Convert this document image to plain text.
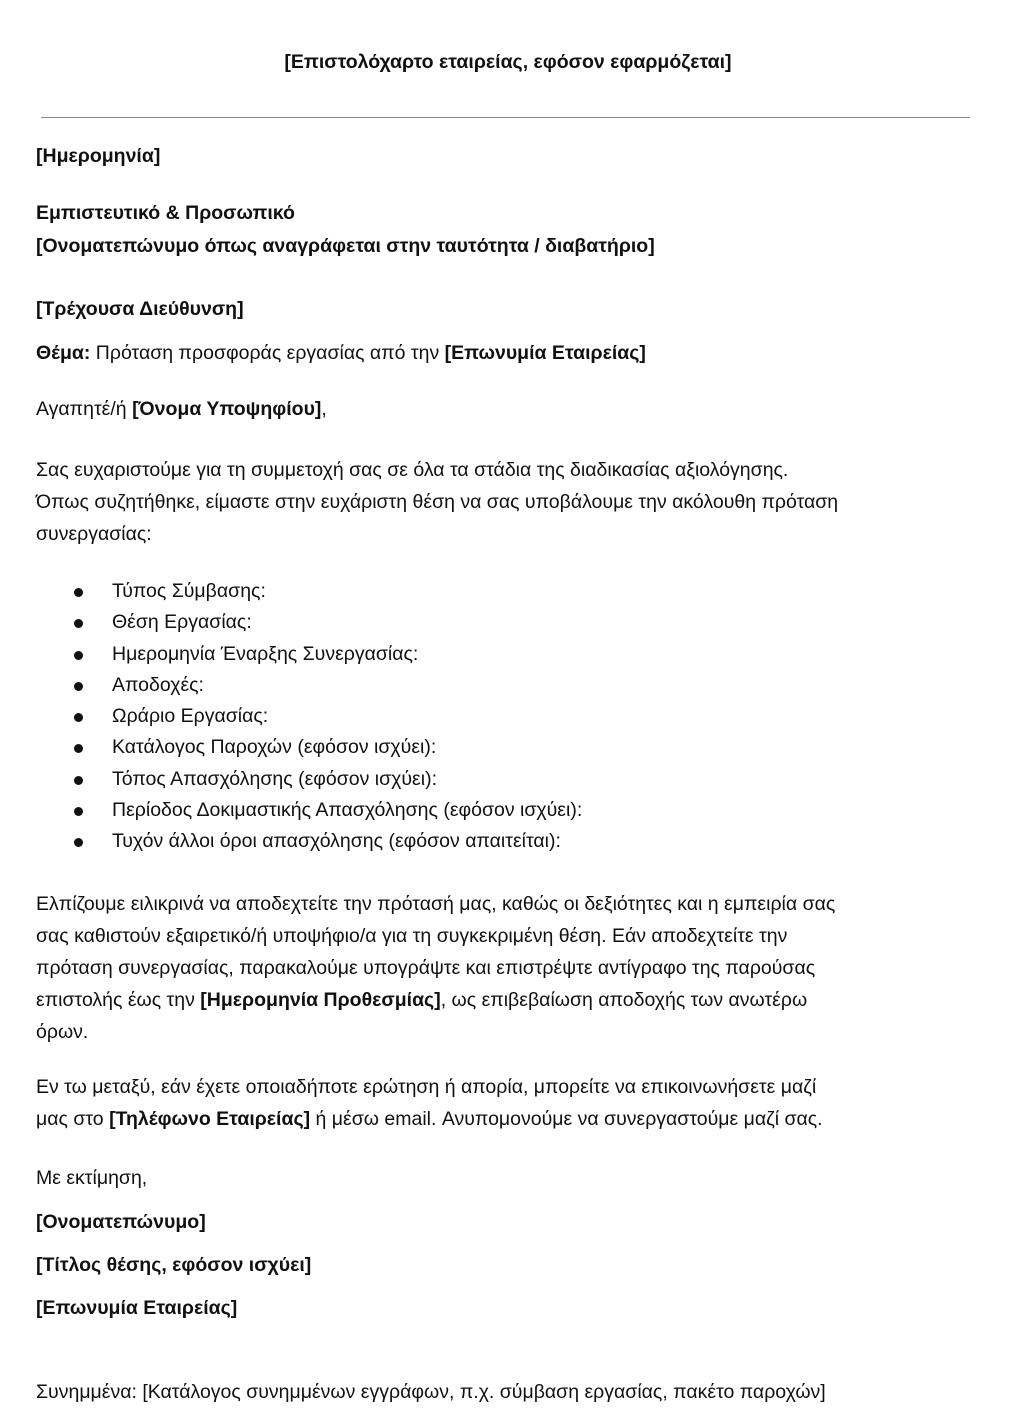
[Επιστολόχαρτο εταιρείας, εφόσον εφαρμόζεται]

[Ημερομηνία]

Εμπιστευτικό & Προσωπικό

[Ονοματεπώνυμο όπως αναγράφεται στην ταυτότητα / διαβατήριο]

[Τρέχουσα Διεύθυνση]

Θέμα: Πρόταση προσφοράς εργασίας από την [Επωνυμία Εταιρείας]

Αγαπητέ/ή [Όνομα Υποψηφίου],

Σας ευχαριστούμε για τη συμμετοχή σας σε όλα τα στάδια της διαδικασίας αξιολόγησης.
Όπως συζητήθηκε, είμαστε στην ευχάριστη θέση να σας υποβάλουμε την ακόλουθη πρόταση
συνεργασίας:
Τύπος Σύμβασης:
Θέση Εργασίας:
Ημερομηνία Έναρξης Συνεργασίας:
Αποδοχές:
Ωράριο Εργασίας:
Κατάλογος Παροχών (εφόσον ισχύει):
Τόπος Απασχόλησης (εφόσον ισχύει):
Περίοδος Δοκιμαστικής Απασχόλησης (εφόσον ισχύει):
Τυχόν άλλοι όροι απασχόλησης (εφόσον απαιτείται):
Ελπίζουμε ειλικρινά να αποδεχτείτε την πρότασή μας, καθώς οι δεξιότητες και η εμπειρία σας
σας καθιστούν εξαιρετικό/ή υποψήφιο/α για τη συγκεκριμένη θέση. Εάν αποδεχτείτε την
πρόταση συνεργασίας, παρακαλούμε υπογράψτε και επιστρέψτε αντίγραφο της παρούσας
επιστολής έως την [Ημερομηνία Προθεσμίας], ως επιβεβαίωση αποδοχής των ανωτέρω
όρων.
Εν τω μεταξύ, εάν έχετε οποιαδήποτε ερώτηση ή απορία, μπορείτε να επικοινωνήσετε μαζί
μας στο [Τηλέφωνο Εταιρείας] ή μέσω email. Ανυπομονούμε να συνεργαστούμε μαζί σας.

Με εκτίμηση,

[Ονοματεπώνυμο]

[Τίτλος θέσης, εφόσον ισχύει]

[Επωνυμία Εταιρείας]

Συνημμένα: [Κατάλογος συνημμένων εγγράφων, π.χ. σύμβαση εργασίας, πακέτο παροχών]
